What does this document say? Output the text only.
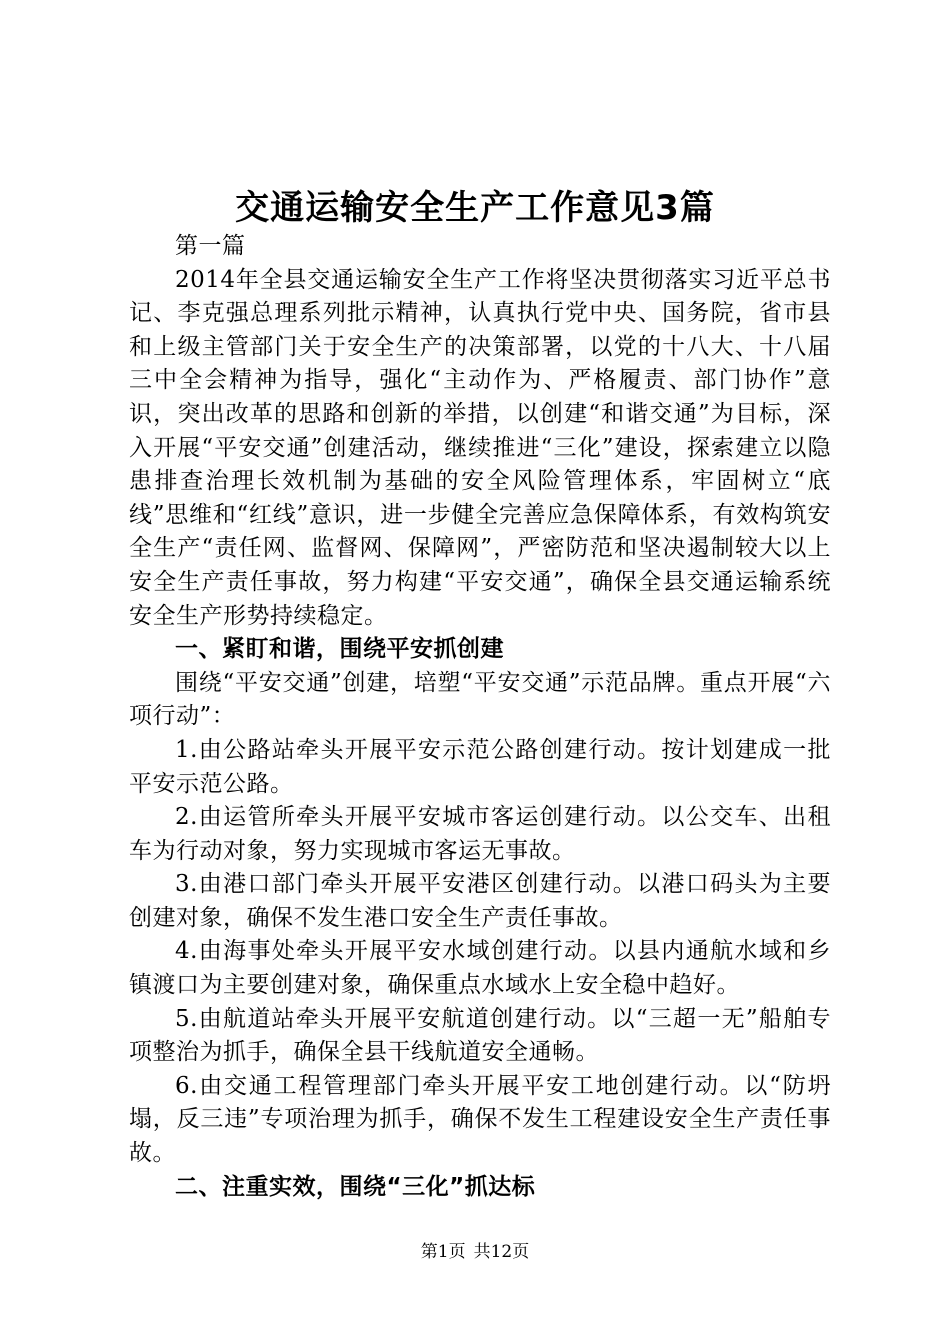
交通运输安全生产工作意见3篇

第一篇

2014年全县交通运输安全生产工作将坚决贯彻落实习近平总书记、李克强总理系列批示精神，认真执行党中央、国务院，省市县和上级主管部门关于安全生产的决策部署，以党的十八大、十八届三中全会精神为指导，强化“主动作为、严格履责、部门协作”意识，突出改革的思路和创新的举措，以创建“和谐交通”为目标，深入开展“平安交通”创建活动，继续推进“三化”建设，探索建立以隐患排查治理长效机制为基础的安全风险管理体系，牢固树立“底线”思维和“红线”意识，进一步健全完善应急保障体系，有效构筑安全生产“责任网、监督网、保障网”，严密防范和坚决遏制较大以上安全生产责任事故，努力构建“平安交通”，确保全县交通运输系统安全生产形势持续稳定。

一、紧盯和谐，围绕平安抓创建

围绕“平安交通”创建，培塑“平安交通”示范品牌。重点开展“六项行动”：

1.由公路站牵头开展平安示范公路创建行动。按计划建成一批平安示范公路。

2.由运管所牵头开展平安城市客运创建行动。以公交车、出租车为行动对象，努力实现城市客运无事故。

3.由港口部门牵头开展平安港区创建行动。以港口码头为主要创建对象，确保不发生港口安全生产责任事故。

4.由海事处牵头开展平安水域创建行动。以县内通航水域和乡镇渡口为主要创建对象，确保重点水域水上安全稳中趋好。

5.由航道站牵头开展平安航道创建行动。以“三超一无”船舶专项整治为抓手，确保全县干线航道安全通畅。

6.由交通工程管理部门牵头开展平安工地创建行动。以“防坍塌，反三违”专项治理为抓手，确保不发生工程建设安全生产责任事故。

二、注重实效，围绕“三化”抓达标

第1页 共12页
